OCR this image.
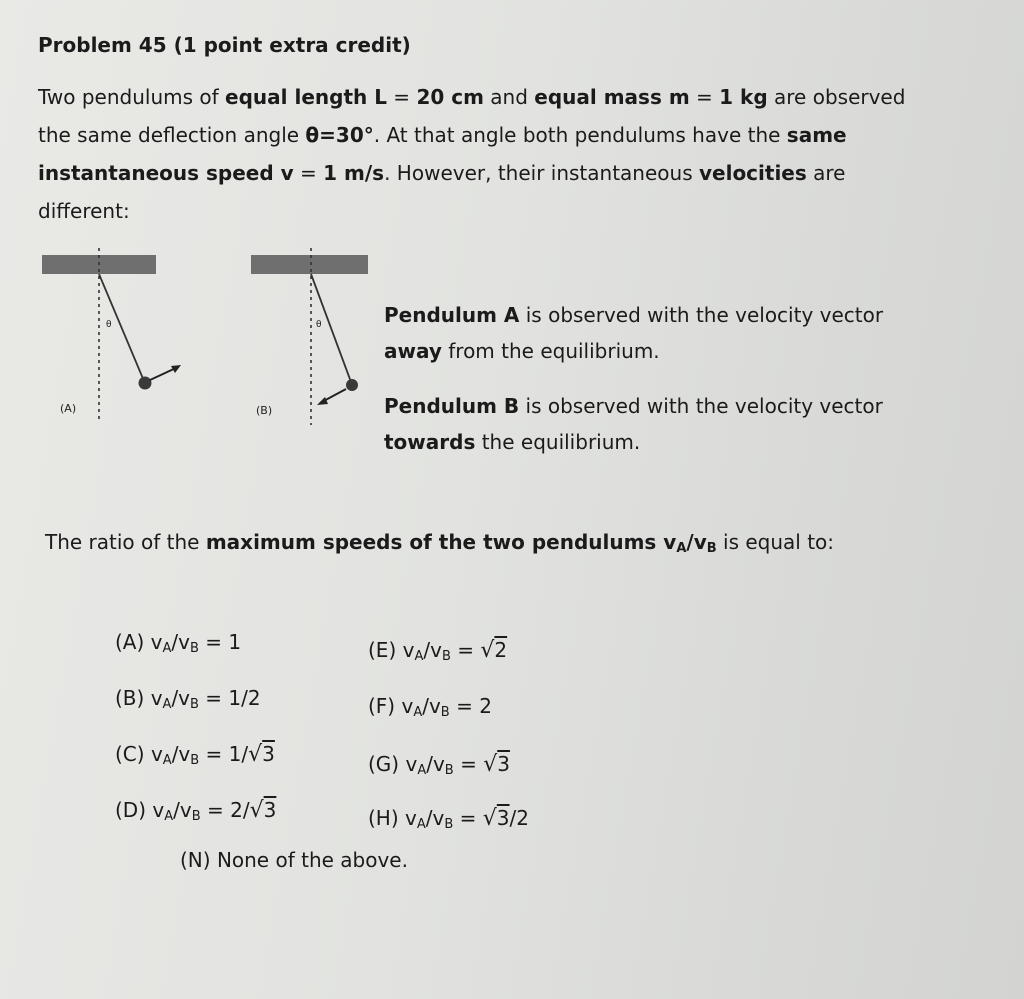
Problem 45 (1 point extra credit)
Two pendulums of equal length L = 20 cm and equal mass m = 1 kg are observed
the same deflection angle θ=30°. At that angle both pendulums have the same
instantaneous speed v = 1 m/s. However, their instantaneous velocities are
different:
θ
(A)
θ
(B)
Pendulum A is observed with the velocity vector
away from the equilibrium.
Pendulum B is observed with the velocity vector
towards the equilibrium.
The ratio of the maximum speeds of the two pendulums $v_A/v_B$ is equal to:
(A) $v_A/v_B = 1$
(B) $v_A/v_B = 1/2$
(C) $v_A/v_B = 1/√3$
(D) $v_A/v_B = 2/√3$
(E) $v_A/v_B = √2$
(F) $v_A/v_B = 2$
(G) $v_A/v_B = √3$
(H) $v_A/v_B = √3/2$
(N) None of the above.
